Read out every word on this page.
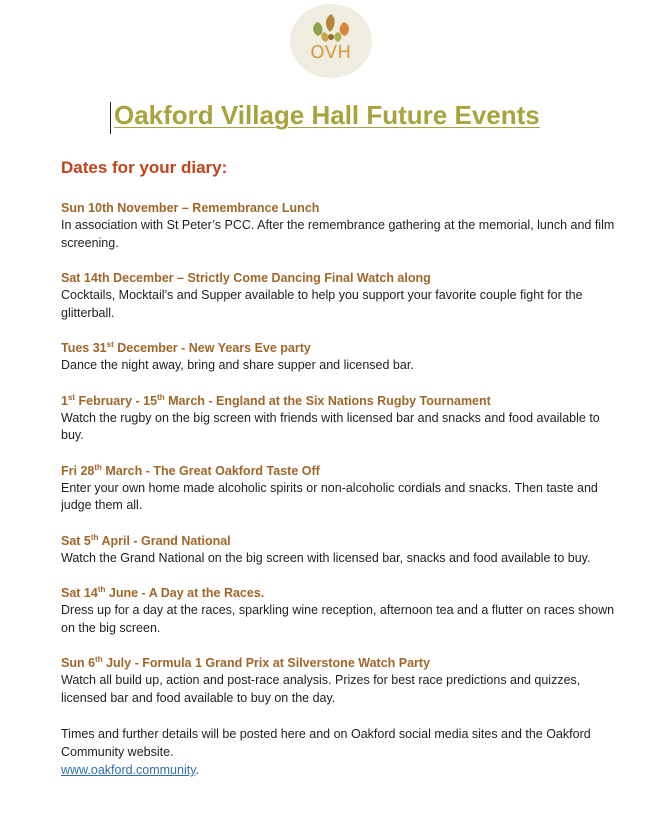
OVH
Oakford Village Hall Future Events
Dates for your diary:
Sun 10th November – Remembrance Lunch
In association with St Peter’s PCC. After the remembrance gathering at the memorial, lunch and film screening.
Sat 14th December – Strictly Come Dancing Final Watch along
Cocktails, Mocktail’s and Supper available to help you support your favorite couple fight for the glitterball.
Tues 31st December - New Years Eve party
Dance the night away, bring and share supper and licensed bar.
1st February - 15th March - England at the Six Nations Rugby Tournament
Watch the rugby on the big screen with friends with licensed bar and snacks and food available to buy.
Fri 28th March - The Great Oakford Taste Off
Enter your own home made alcoholic spirits or non-alcoholic cordials and snacks. Then taste and judge them all.
Sat 5th April - Grand National
Watch the Grand National on the big screen with licensed bar, snacks and food available to buy.
Sat 14th June - A Day at the Races.
Dress up for a day at the races, sparkling wine reception, afternoon tea and a flutter on races shown on the big screen.
Sun 6th July - Formula 1 Grand Prix at Silverstone Watch Party
Watch all build up, action and post-race analysis. Prizes for best race predictions and quizzes, licensed bar and food available to buy on the day.
Times and further details will be posted here and on Oakford social media sites and the Oakford Community website.
www.oakford.community.
